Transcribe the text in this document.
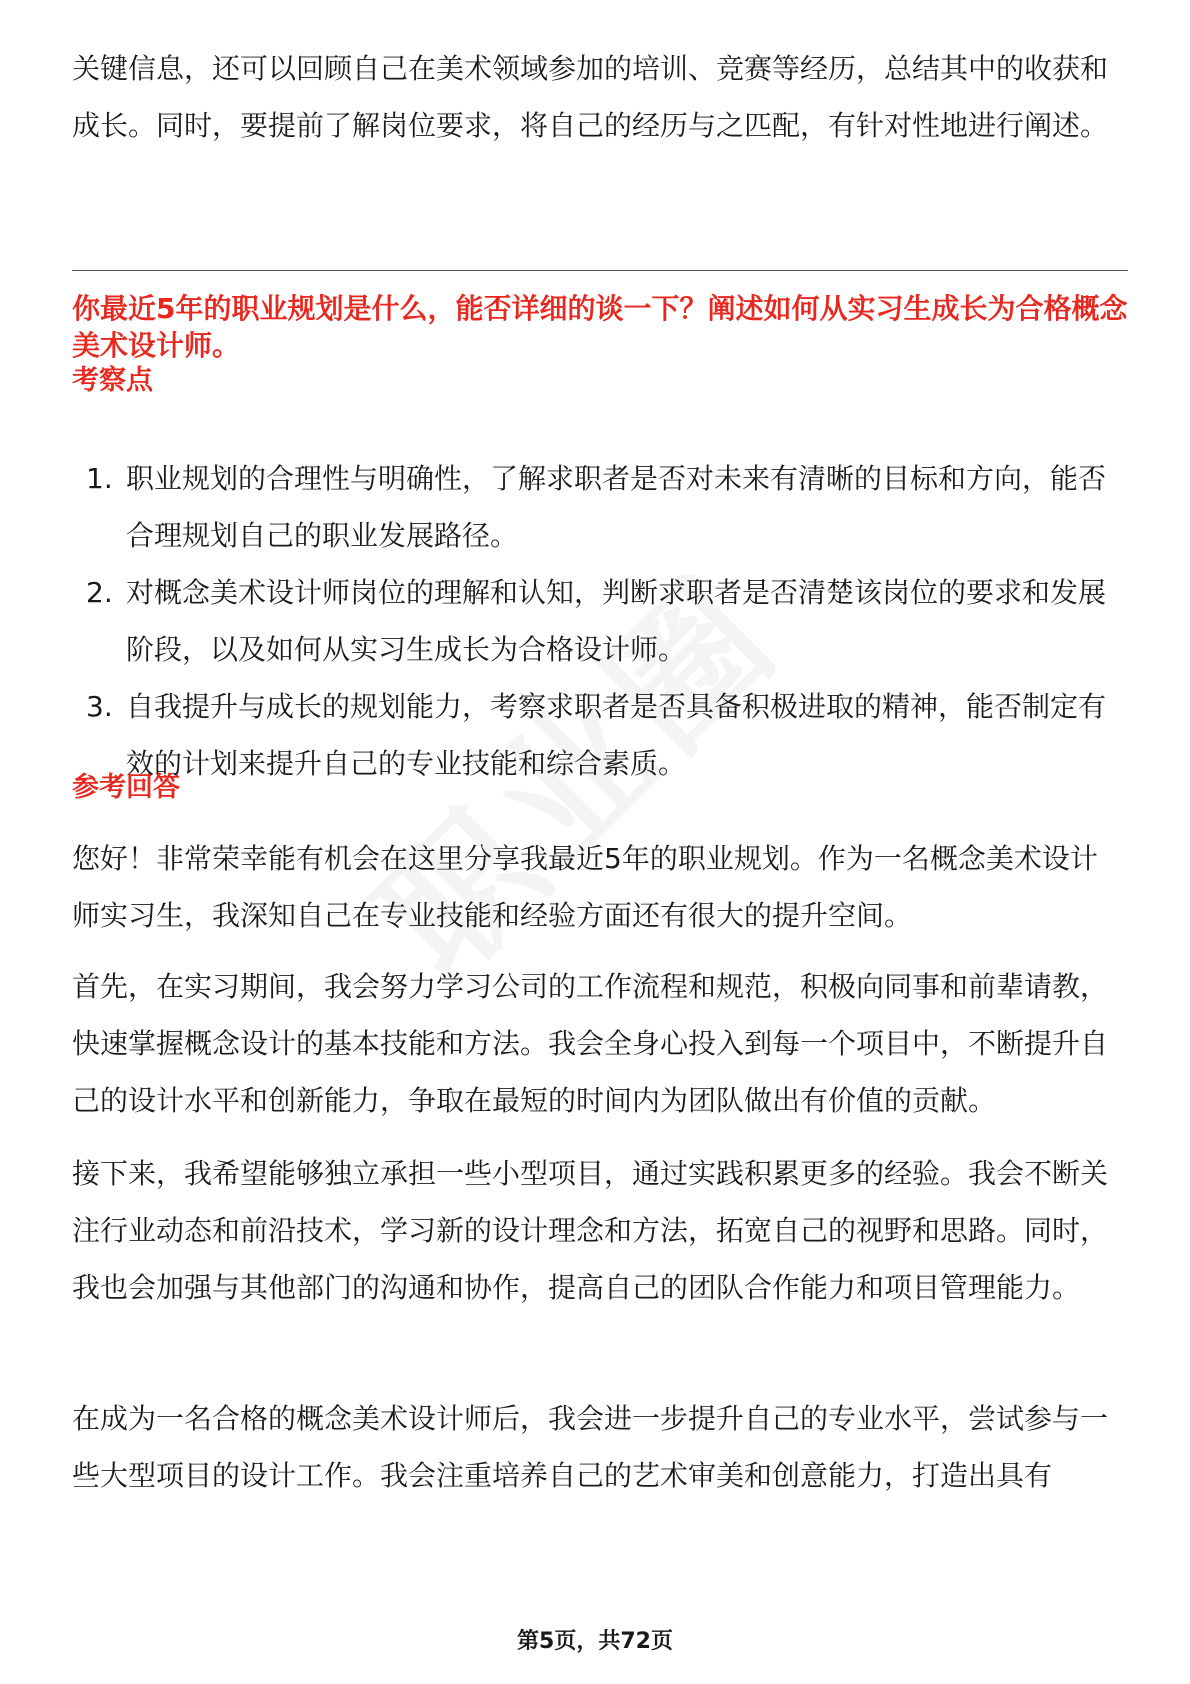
关键信息，还可以回顾自己在美术领域参加的培训、竞赛等经历，总结其中的收获和成长。同时，要提前了解岗位要求，将自己的经历与之匹配，有针对性地进行阐述。

你最近5年的职业规划是什么，能否详细的谈一下？阐述如何从实习生成长为合格概念美术设计师。

考察点

1. 职业规划的合理性与明确性，了解求职者是否对未来有清晰的目标和方向，能否合理规划自己的职业发展路径。
2. 对概念美术设计师岗位的理解和认知，判断求职者是否清楚该岗位的要求和发展阶段，以及如何从实习生成长为合格设计师。
3. 自我提升与成长的规划能力，考察求职者是否具备积极进取的精神，能否制定有效的计划来提升自己的专业技能和综合素质。

参考回答

您好！非常荣幸能有机会在这里分享我最近5年的职业规划。作为一名概念美术设计师实习生，我深知自己在专业技能和经验方面还有很大的提升空间。

首先，在实习期间，我会努力学习公司的工作流程和规范，积极向同事和前辈请教，快速掌握概念设计的基本技能和方法。我会全身心投入到每一个项目中，不断提升自己的设计水平和创新能力，争取在最短的时间内为团队做出有价值的贡献。

接下来，我希望能够独立承担一些小型项目，通过实践积累更多的经验。我会不断关注行业动态和前沿技术，学习新的设计理念和方法，拓宽自己的视野和思路。同时，我也会加强与其他部门的沟通和协作，提高自己的团队合作能力和项目管理能力。

在成为一名合格的概念美术设计师后，我会进一步提升自己的专业水平，尝试参与一些大型项目的设计工作。我会注重培养自己的艺术审美和创意能力，打造出具有

第5页，共72页
